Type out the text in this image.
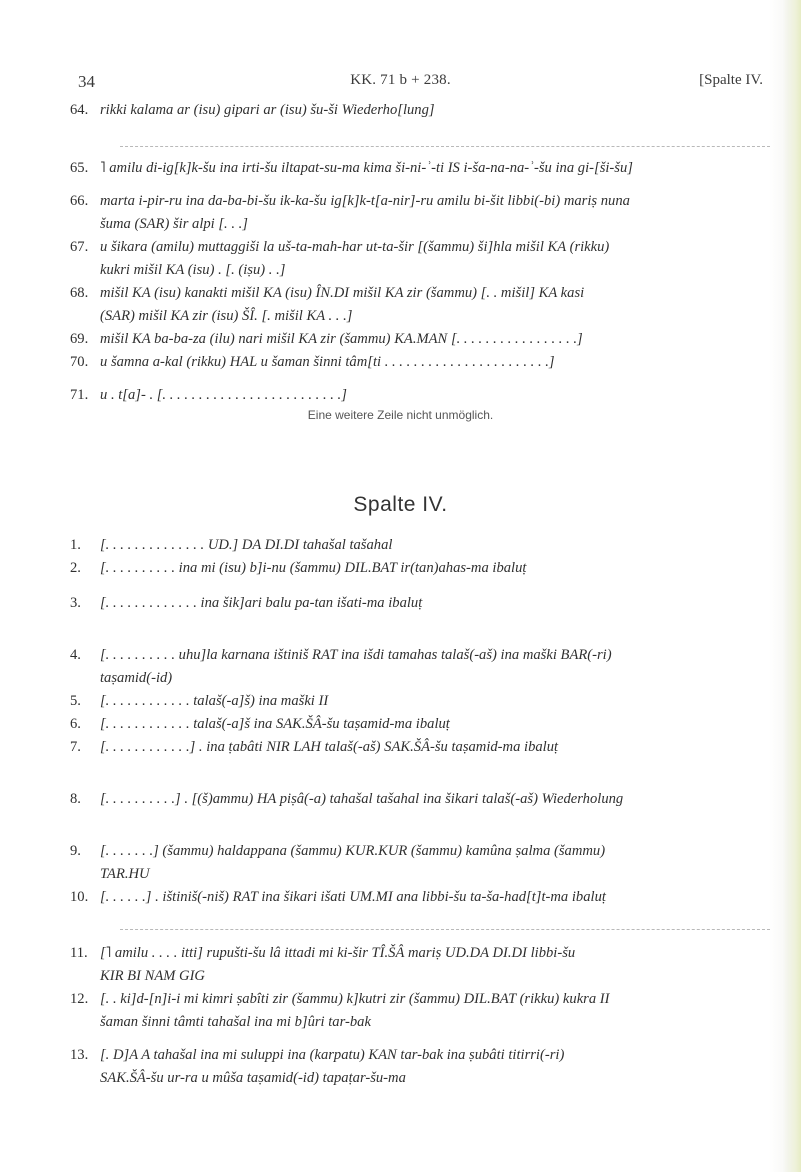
34	KK. 71 b + 238.	[Spalte IV.
64. rikki kalama ar (isu) gipari ar (isu) šu-ši Wiederho[lung]
65. ˥ amilu di-ig[k]k-šu ina irti-šu iltapat-su-ma kima ši-ni-ʾ-ti IS i-ša-na-na-ʾ-šu ina gi-[ši-šu]
66. marta i-pir-ru ina da-ba-bi-šu ik-ka-šu ig[k]k-t[a-nir]-ru amilu bi-šit libbi(-bi) mariṣ nuna
šuma (SAR) šir alpi [. . .]
67. u šikara (amilu) muttaggiši la uš-ta-mah-har ut-ta-šir [(šammu) ši]hla mišil KA (rikku)
kukri mišil KA (isu) . [. (iṣu) . .]
68. mišil KA (isu) kanakti mišil KA (isu) ÎN.DI mišil KA zir (šammu) [. . mišil] KA kasi
(SAR) mišil KA zir (isu) ŠÎ. [. mišil KA . . .]
69. mišil KA ba-ba-za (ilu) nari mišil KA zir (šammu) KA.MAN [. . . . . . . . . . . . . . . . .]
70. u šamna a-kal (rikku) HAL u šaman šinni tâm[ti . . . . . . . . . . . . . . . . . . . . . . .]
71. u . t[a]- . [. . . . . . . . . . . . . . . . . . . . . . . . .]
Eine weitere Zeile nicht unmöglich.
Spalte IV.
1. [. . . . . . . . . . . . . . UD.] DA DI.DI tahašal tašahal
2. [. . . . . . . . . . ina mi (isu) b]i-nu (šammu) DIL.BAT ir(tan)ahas-ma ibaluṭ
3. [. . . . . . . . . . . . . ina šik]ari balu pa-tan išati-ma ibaluṭ
4. [. . . . . . . . . . uhu]la karnana ištiniš RAT ina išdi tamahas talaš(-aš) ina maški BAR(-ri)
taṣamid(-id)
5. [. . . . . . . . . . . . talaš(-a]š) ina maški II
6. [. . . . . . . . . . . . talaš(-a]š ina SAK.ŠÂ-šu taṣamid-ma ibaluṭ
7. [. . . . . . . . . . . .] . ina ṭabâti NIR LAH talaš(-aš) SAK.ŠÂ-šu taṣamid-ma ibaluṭ
8. [. . . . . . . . . .] . [(š)ammu) HA piṣâ(-a) tahašal tašahal ina šikari talaš(-aš) Wiederholung
9. [. . . . . . .] (šammu) haldappana (šammu) KUR.KUR (šammu) kamûna ṣalma (šammu)
TAR.HU
10. [. . . . . .] . ištiniš(-niš) RAT ina šikari išati UM.MI ana libbi-šu ta-ša-had[t]t-ma ibaluṭ
11. [˥ amilu . . . . itti] rupušti-šu lâ ittadi mi ki-šir TÎ.ŠÂ mariṣ UD.DA DI.DI libbi-šu
KIR BI NAM GIG
12. [. . ki]d-[n]i-i mi kimri ṣabîti zir (šammu) k]kutri zir (šammu) DIL.BAT (rikku) kukra II
šaman šinni tâmti tahašal ina mi b]ûri tar-bak
13. [. D]A A tahašal ina mi suluppi ina (karpatu) KAN tar-bak ina ṣubâti titirri(-ri)
SAK.ŠÂ-šu ur-ra u mûša taṣamid(-id) tapaṭar-šu-ma
